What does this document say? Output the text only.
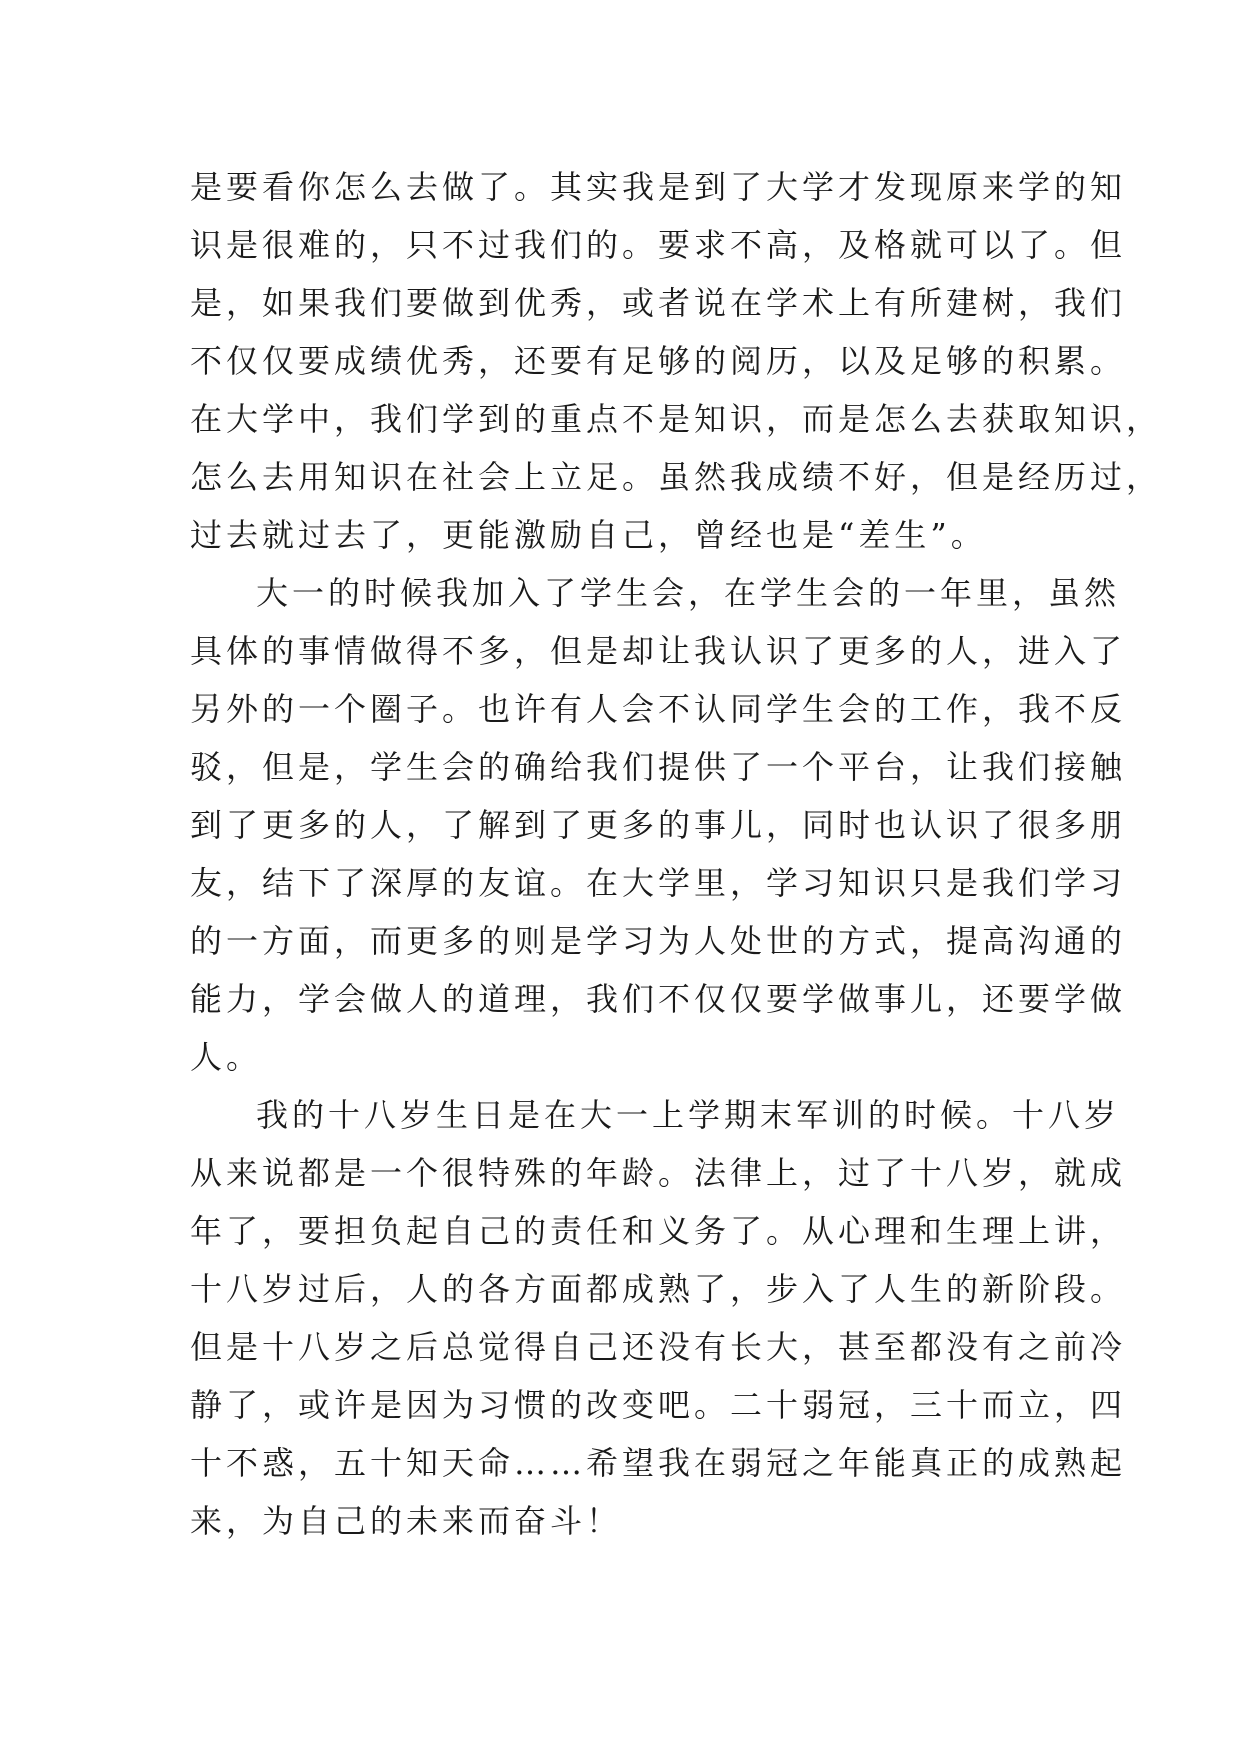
是要看你怎么去做了。其实我是到了大学才发现原来学的知
识是很难的，只不过我们的。要求不高，及格就可以了。但
是，如果我们要做到优秀，或者说在学术上有所建树，我们
不仅仅要成绩优秀，还要有足够的阅历，以及足够的积累。
在大学中，我们学到的重点不是知识，而是怎么去获取知识，
怎么去用知识在社会上立足。虽然我成绩不好，但是经历过，
过去就过去了，更能激励自己，曾经也是“差生”。
大一的时候我加入了学生会，在学生会的一年里，虽然
具体的事情做得不多，但是却让我认识了更多的人，进入了
另外的一个圈子。也许有人会不认同学生会的工作，我不反
驳，但是，学生会的确给我们提供了一个平台，让我们接触
到了更多的人，了解到了更多的事儿，同时也认识了很多朋
友，结下了深厚的友谊。在大学里，学习知识只是我们学习
的一方面，而更多的则是学习为人处世的方式，提高沟通的
能力，学会做人的道理，我们不仅仅要学做事儿，还要学做
人。
我的十八岁生日是在大一上学期末军训的时候。十八岁
从来说都是一个很特殊的年龄。法律上，过了十八岁，就成
年了，要担负起自己的责任和义务了。从心理和生理上讲，
十八岁过后，人的各方面都成熟了，步入了人生的新阶段。
但是十八岁之后总觉得自己还没有长大，甚至都没有之前冷
静了，或许是因为习惯的改变吧。二十弱冠，三十而立，四
十不惑，五十知天命……希望我在弱冠之年能真正的成熟起
来，为自己的未来而奋斗！
